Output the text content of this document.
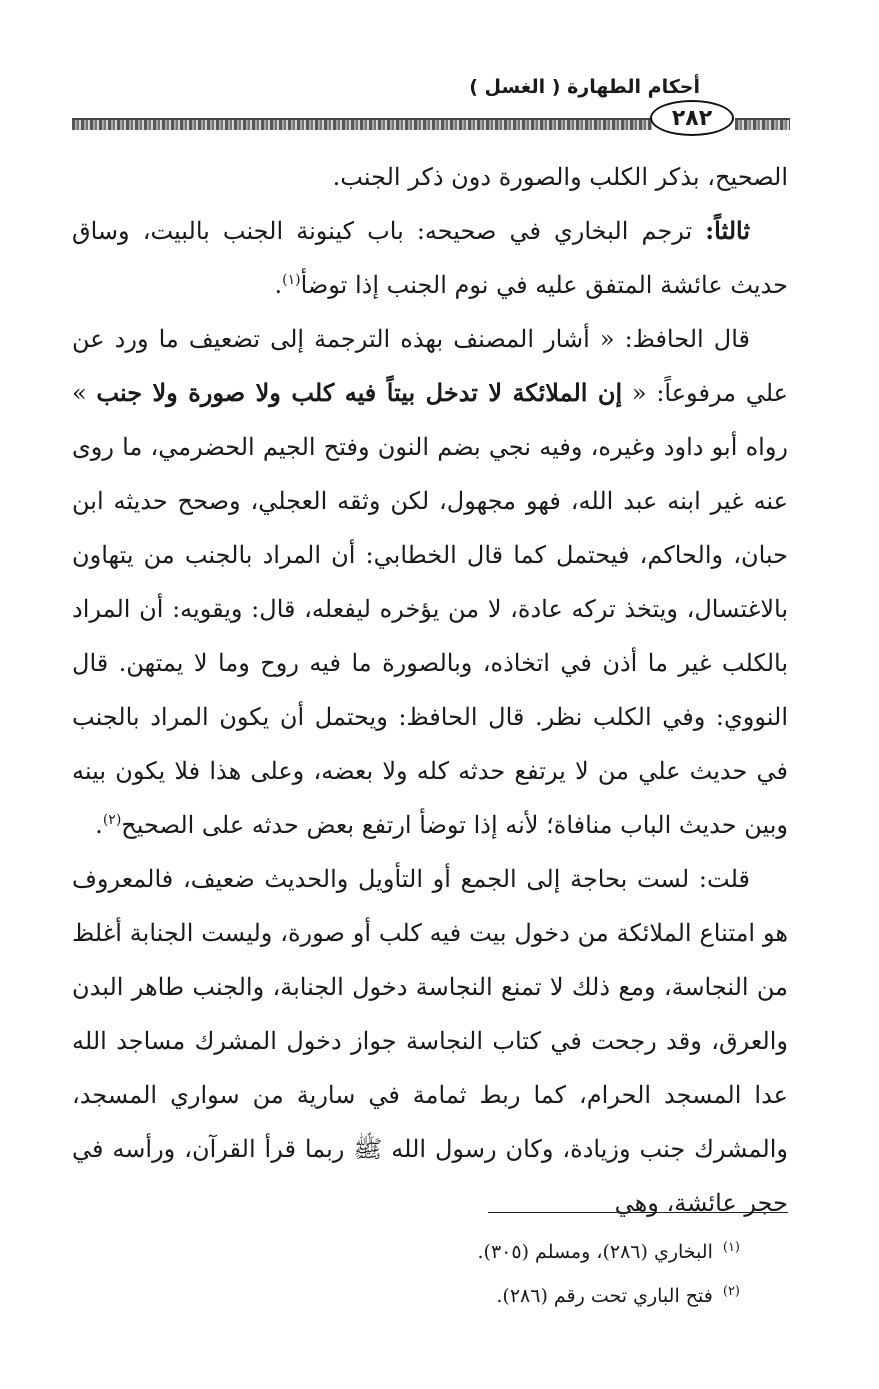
أحكام الطهارة ( الغسل )
٢٨٢

الصحيح، بذكر الكلب والصورة دون ذكر الجنب.

ثالثاً: ترجم البخاري في صحيحه: باب كينونة الجنب بالبيت، وساق حديث عائشة المتفق عليه في نوم الجنب إذا توضأ$^{(١)}$.

قال الحافظ: « أشار المصنف بهذه الترجمة إلى تضعيف ما ورد عن علي مرفوعاً: « إن الملائكة لا تدخل بيتاً فيه كلب ولا صورة ولا جنب » رواه أبو داود وغيره، وفيه نجي بضم النون وفتح الجيم الحضرمي، ما روى عنه غير ابنه عبد الله، فهو مجهول، لكن وثقه العجلي، وصحح حديثه ابن حبان، والحاكم، فيحتمل كما قال الخطابي: أن المراد بالجنب من يتهاون بالاغتسال، ويتخذ تركه عادة، لا من يؤخره ليفعله، قال: ويقويه: أن المراد بالكلب غير ما أذن في اتخاذه، وبالصورة ما فيه روح وما لا يمتهن. قال النووي: وفي الكلب نظر. قال الحافظ: ويحتمل أن يكون المراد بالجنب في حديث علي من لا يرتفع حدثه كله ولا بعضه، وعلى هذا فلا يكون بينه وبين حديث الباب منافاة؛ لأنه إذا توضأ ارتفع بعض حدثه على الصحيح$^{(٢)}$.

قلت: لست بحاجة إلى الجمع أو التأويل والحديث ضعيف، فالمعروف هو امتناع الملائكة من دخول بيت فيه كلب أو صورة، وليست الجنابة أغلظ من النجاسة، ومع ذلك لا تمنع النجاسة دخول الجنابة، والجنب طاهر البدن والعرق، وقد رجحت في كتاب النجاسة جواز دخول المشرك مساجد الله عدا المسجد الحرام، كما ربط ثمامة في سارية من سواري المسجد، والمشرك جنب وزيادة، وكان رسول الله ﷺ ربما قرأ القرآن، ورأسه في حجر عائشة، وهي

$^{(١)}$البخاري (٢٨٦)، ومسلم (٣٠٥).

$^{(٢)}$فتح الباري تحت رقم (٢٨٦).
